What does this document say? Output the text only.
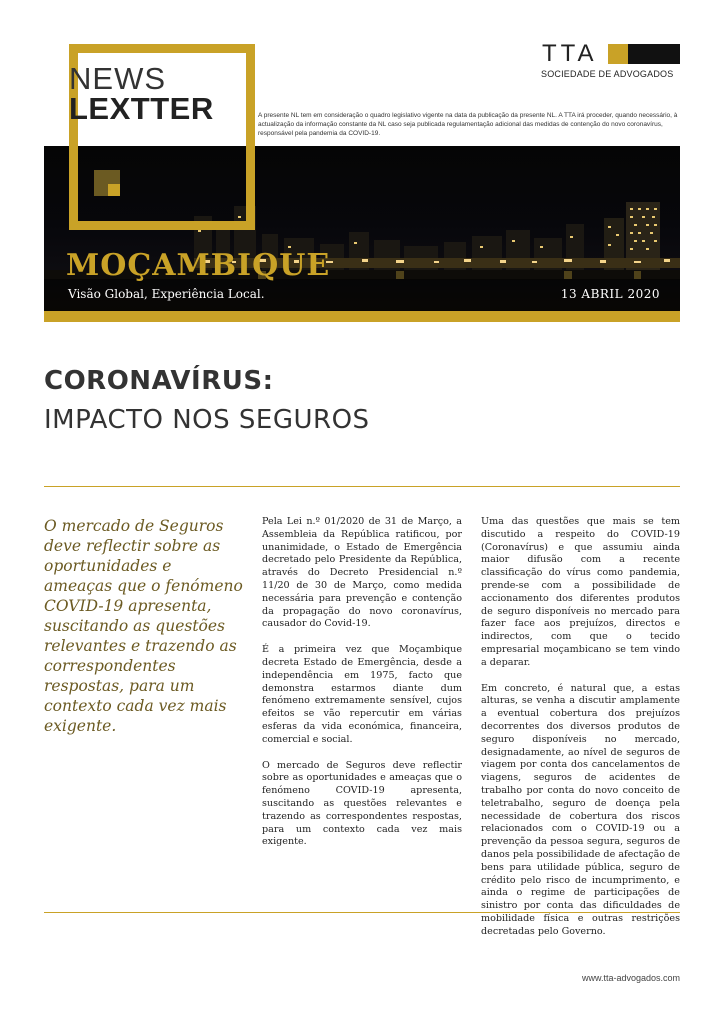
NEWS
LEXTTER
TTA
SOCIEDADE DE ADVOGADOS
A presente NL tem em consideração o quadro legislativo vigente na data da publicação da presente NL. A TTA irá proceder, quando necessário, à actualização da informação constante da NL caso seja publicada regulamentação adicional das medidas de contenção do novo coronavírus, responsável pela pandemia da COVID-19.
MOÇAMBIQUE
Visão Global, Experiência Local.	13 ABRIL 2020
CORONAVÍRUS:
IMPACTO NOS SEGUROS
O mercado de Seguros deve reflectir sobre as oportunidades e ameaças que o fenómeno COVID-19 apresenta, suscitando as questões relevantes e trazendo as correspondentes respostas, para um contexto cada vez mais exigente.

Pela Lei n.º 01/2020 de 31 de Março, a Assembleia da República ratificou, por unanimidade, o Estado de Emergência decretado pelo Presidente da República, através do Decreto Presidencial n.º 11/20 de 30 de Março, como medida necessária para prevenção e contenção da propagação do novo coronavírus, causador do Covid-19.

É a primeira vez que Moçambique decreta Estado de Emergência, desde a independência em 1975, facto que demonstra estarmos diante dum fenómeno extremamente sensível, cujos efeitos se vão repercutir em várias esferas da vida económica, financeira, comercial e social.

O mercado de Seguros deve reflectir sobre as oportunidades e ameaças que o fenómeno COVID-19 apresenta, suscitando as questões relevantes e trazendo as correspondentes respostas, para um contexto cada vez mais exigente.

Uma das questões que mais se tem discutido a respeito do COVID-19 (Coronavírus) e que assumiu ainda maior difusão com a recente classificação do vírus como pandemia, prende-se com a possibilidade de accionamento dos diferentes produtos de seguro disponíveis no mercado para fazer face aos prejuízos, directos e indirectos, com que o tecido empresarial moçambicano se tem vindo a deparar.

Em concreto, é natural que, a estas alturas, se venha a discutir amplamente a eventual cobertura dos prejuízos decorrentes dos diversos produtos de seguro disponíveis no mercado, designadamente, ao nível de seguros de viagem por conta dos cancelamentos de viagens, seguros de acidentes de trabalho por conta do novo conceito de teletrabalho, seguro de doença pela necessidade de cobertura dos riscos relacionados com o COVID-19 ou a prevenção da pessoa segura, seguros de danos pela possibilidade de afectação de bens para utilidade pública, seguro de crédito pelo risco de incumprimento, e ainda o regime de participações de sinistro por conta das dificuldades de mobilidade física e outras restrições decretadas pelo Governo.

www.tta-advogados.com
